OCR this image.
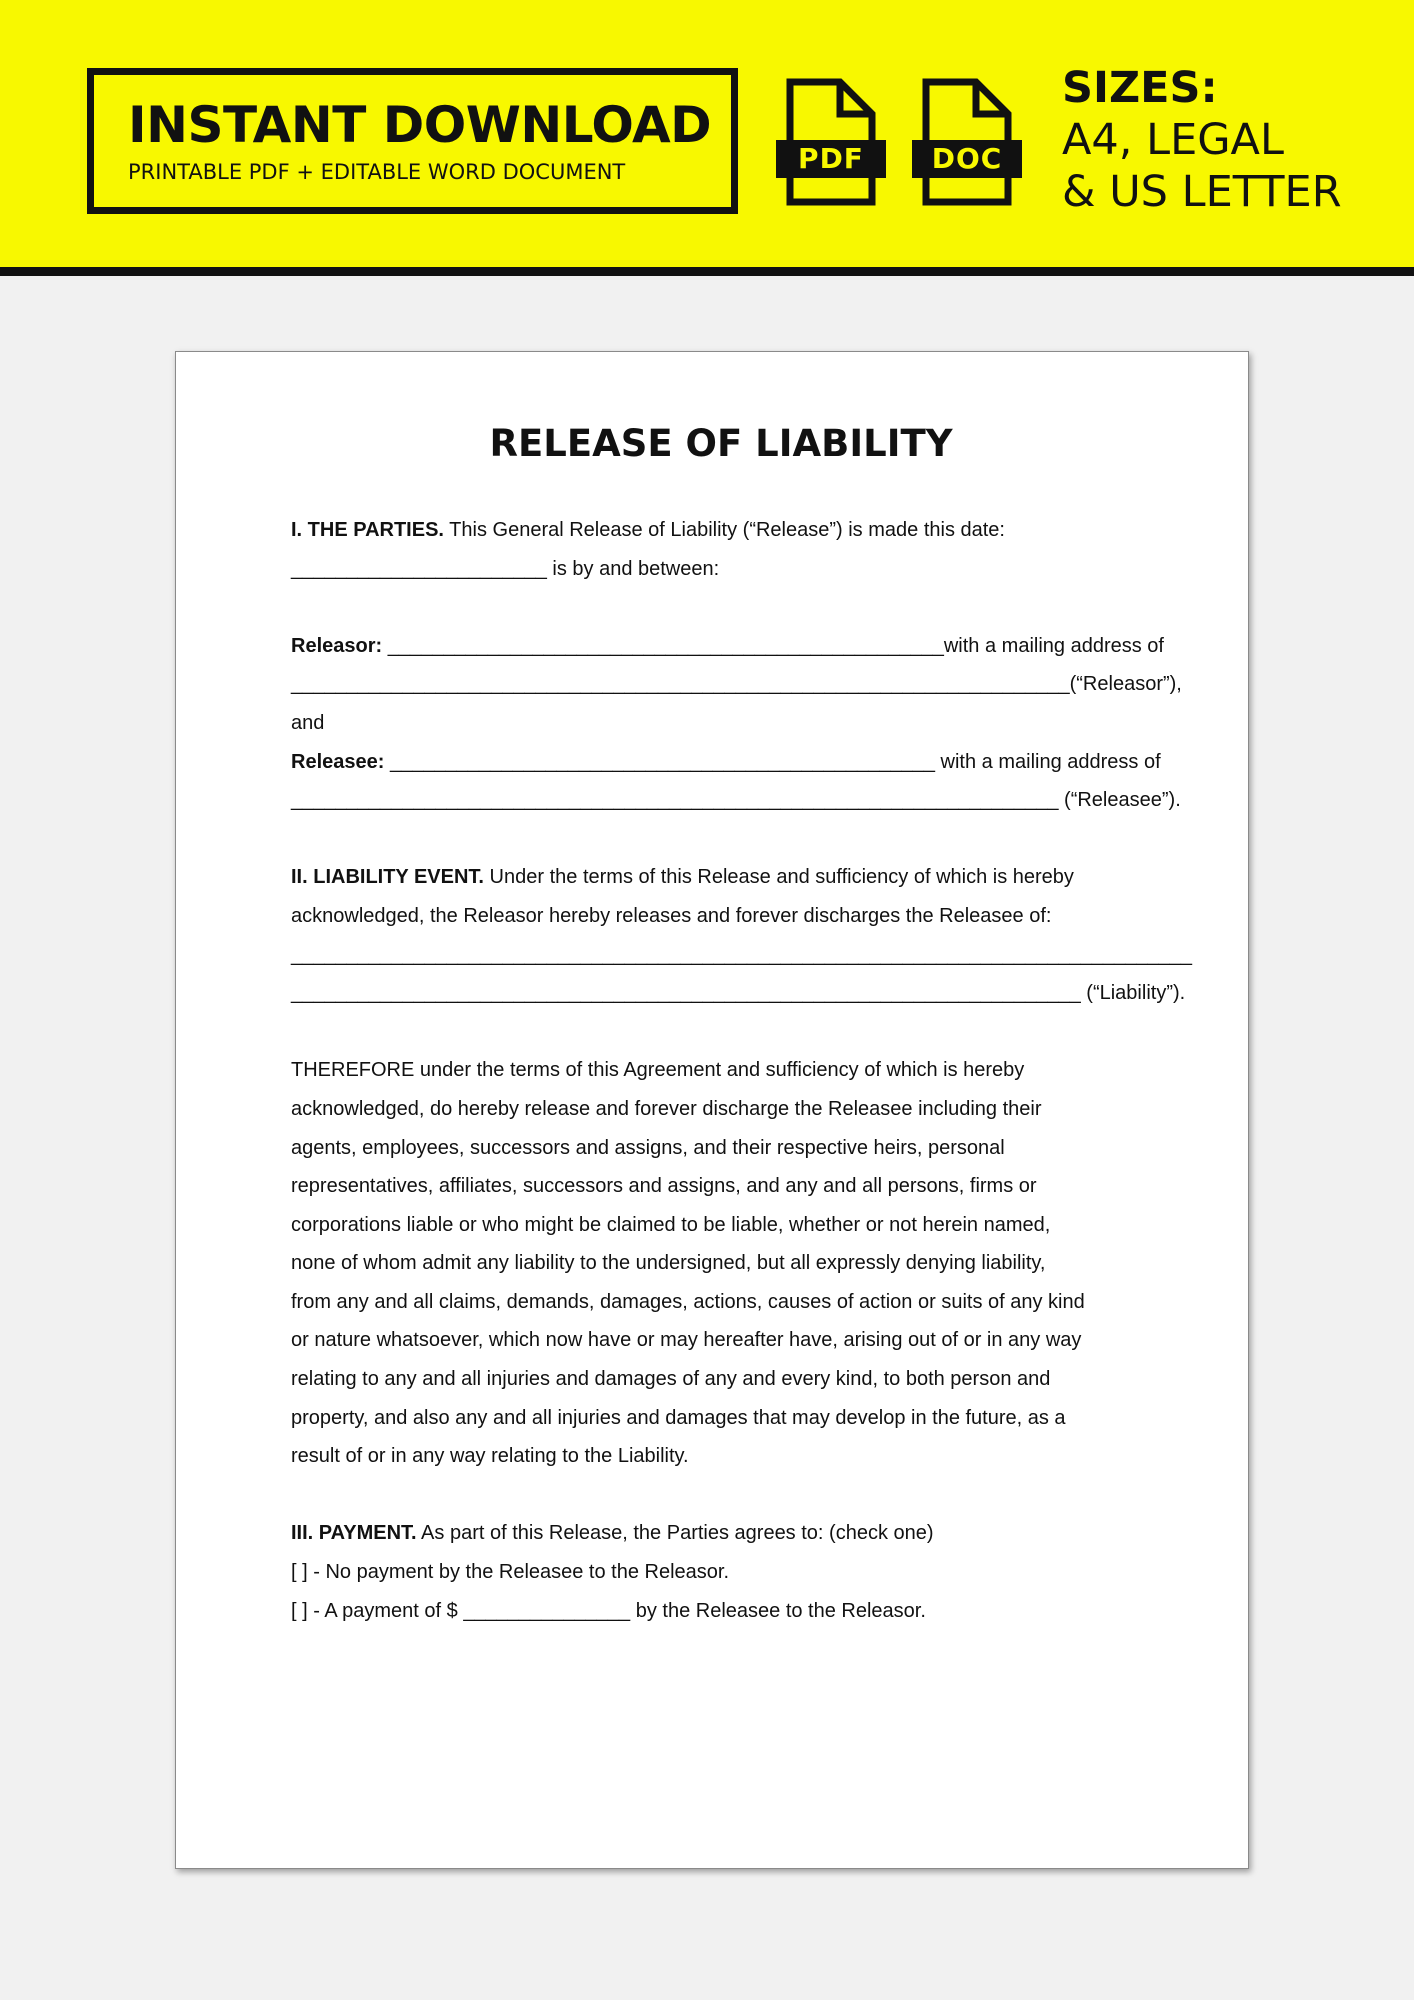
INSTANT DOWNLOAD
PRINTABLE PDF + EDITABLE WORD DOCUMENT	PDF	DOC
SIZES:
A4, LEGAL
& US LETTER
RELEASE OF LIABILITY
I. THE PARTIES. This General Release of Liability (“Release”) is made this date:
_______________________ is by and between:
Releasor: __________________________________________________with a mailing address of
______________________________________________________________________(“Releasor”),
and
Releasee: _________________________________________________ with a mailing address of
_____________________________________________________________________ (“Releasee”).
II. LIABILITY EVENT. Under the terms of this Release and sufficiency of which is hereby
acknowledged, the Releasor hereby releases and forever discharges the Releasee of:
_________________________________________________________________________________
_______________________________________________________________________ (“Liability”).
THEREFORE under the terms of this Agreement and sufficiency of which is hereby
acknowledged, do hereby release and forever discharge the Releasee including their
agents, employees, successors and assigns, and their respective heirs, personal
representatives, affiliates, successors and assigns, and any and all persons, firms or
corporations liable or who might be claimed to be liable, whether or not herein named,
none of whom admit any liability to the undersigned, but all expressly denying liability,
from any and all claims, demands, damages, actions, causes of action or suits of any kind
or nature whatsoever, which now have or may hereafter have, arising out of or in any way
relating to any and all injuries and damages of any and every kind, to both person and
property, and also any and all injuries and damages that may develop in the future, as a
result of or in any way relating to the Liability.
III. PAYMENT. As part of this Release, the Parties agrees to: (check one)
[ ] - No payment by the Releasee to the Releasor.
[ ] - A payment of $ _______________ by the Releasee to the Releasor.
